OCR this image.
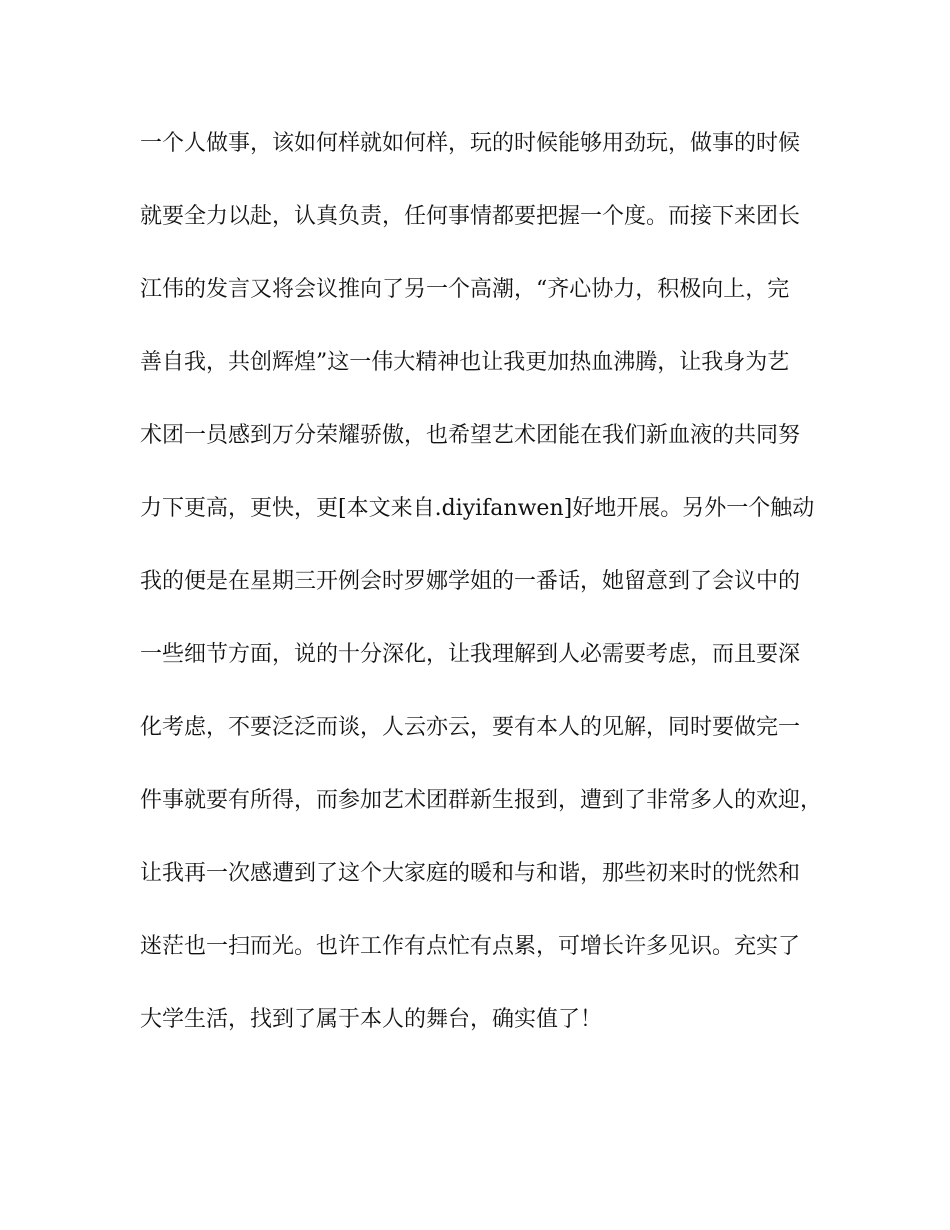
一个人做事，该如何样就如何样，玩的时候能够用劲玩，做事的时候
就要全力以赴，认真负责，任何事情都要把握一个度。而接下来团长
江伟的发言又将会议推向了另一个高潮，“齐心协力，积极向上，完
善自我，共创辉煌”这一伟大精神也让我更加热血沸腾，让我身为艺
术团一员感到万分荣耀骄傲，也希望艺术团能在我们新血液的共同努
力下更高，更快，更[本文来自.diyifanwen]好地开展。另外一个触动
我的便是在星期三开例会时罗娜学姐的一番话，她留意到了会议中的
一些细节方面，说的十分深化，让我理解到人必需要考虑，而且要深
化考虑，不要泛泛而谈，人云亦云，要有本人的见解，同时要做完一
件事就要有所得，而参加艺术团群新生报到，遭到了非常多人的欢迎，
让我再一次感遭到了这个大家庭的暖和与和谐，那些初来时的恍然和
迷茫也一扫而光。也许工作有点忙有点累，可增长许多见识。充实了
大学生活，找到了属于本人的舞台，确实值了！
